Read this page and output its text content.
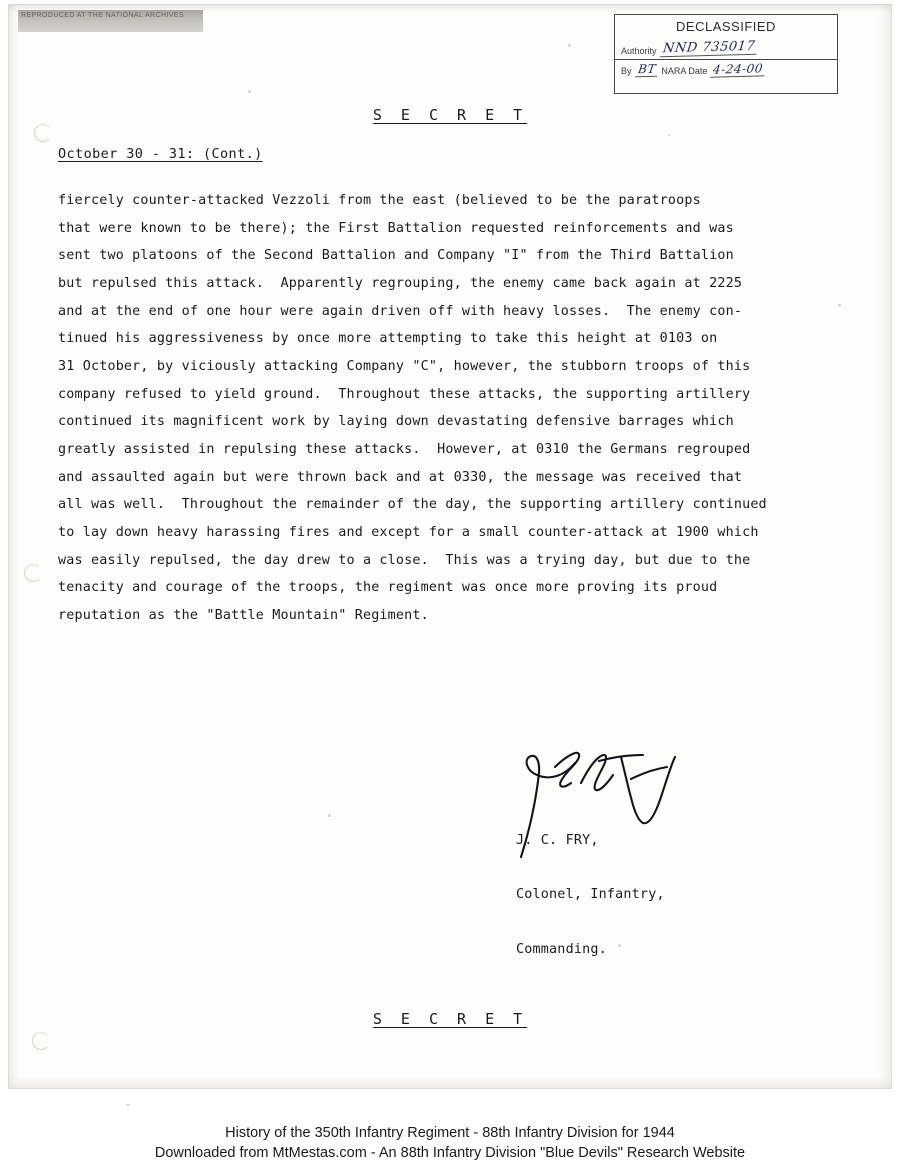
REPRODUCED AT THE NATIONAL ARCHIVES
DECLASSIFIED
Authority NND 735017
By BT NARA Date 4-24-00
S E C R E T
October 30 - 31: (Cont.)

fiercely counter-attacked Vezzoli from the east (believed to be the paratroops

that were known to be there); the First Battalion requested reinforcements and was

sent two platoons of the Second Battalion and Company "I" from the Third Battalion

but repulsed this attack.  Apparently regrouping, the enemy came back again at 2225

and at the end of one hour were again driven off with heavy losses.  The enemy con-

tinued his aggressiveness by once more attempting to take this height at 0103 on

31 October, by viciously attacking Company "C", however, the stubborn troops of this

company refused to yield ground.  Throughout these attacks, the supporting artillery

continued its magnificent work by laying down devastating defensive barrages which

greatly assisted in repulsing these attacks.  However, at 0310 the Germans regrouped

and assaulted again but were thrown back and at 0330, the message was received that

all was well.  Throughout the remainder of the day, the supporting artillery continued

to lay down heavy harassing fires and except for a small counter-attack at 1900 which

was easily repulsed, the day drew to a close.  This was a trying day, but due to the

tenacity and courage of the troops, the regiment was once more proving its proud

reputation as the "Battle Mountain" Regiment.

J. C. FRY,

Colonel, Infantry,

Commanding.

S E C R E T
History of the 350th Infantry Regiment - 88th Infantry Division for 1944
Downloaded from MtMestas.com - An 88th Infantry Division "Blue Devils" Research Website
